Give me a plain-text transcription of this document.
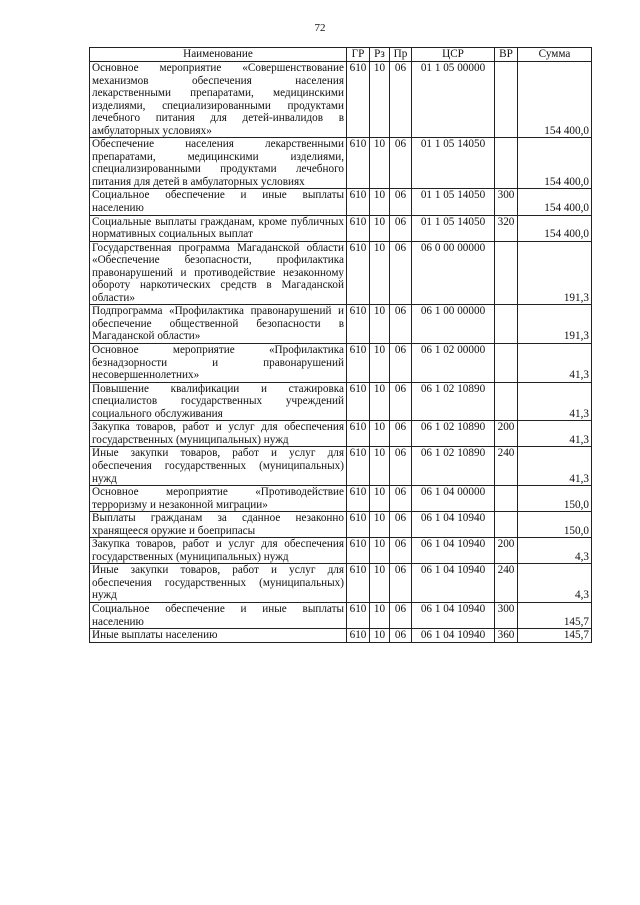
72
Наименование	ГР	Рз	Пр	ЦСР	ВР	Сумма
Основное мероприятие «Совершенствование механизмов обеспечения населения лекарственными препаратами, медицинскими изделиями, специализированными продуктами лечебного питания для детей-инвалидов в амбулаторных условиях»	610	10	06	01 1 05 00000		154 400,0
Обеспечение населения лекарственными препаратами, медицинскими изделиями, специализированными продуктами лечебного питания для детей в амбулаторных условиях	610	10	06	01 1 05 14050		154 400,0
Социальное обеспечение и иные выплаты населению	610	10	06	01 1 05 14050	300	154 400,0
Социальные выплаты гражданам, кроме публичных нормативных социальных выплат	610	10	06	01 1 05 14050	320	154 400,0
Государственная программа Магаданской области «Обеспечение безопасности, профилактика правонарушений и противодействие незаконному обороту наркотических средств в Магаданской области»	610	10	06	06 0 00 00000		191,3
Подпрограмма «Профилактика правонарушений и обеспечение общественной безопасности в Магаданской области»	610	10	06	06 1 00 00000		191,3
Основное мероприятие «Профилактика безнадзорности и правонарушений несовершеннолетних»	610	10	06	06 1 02 00000		41,3
Повышение квалификации и стажировка специалистов государственных учреждений социального обслуживания	610	10	06	06 1 02 10890		41,3
Закупка товаров, работ и услуг для обеспечения государственных (муниципальных) нужд	610	10	06	06 1 02 10890	200	41,3
Иные закупки товаров, работ и услуг для обеспечения государственных (муниципальных) нужд	610	10	06	06 1 02 10890	240	41,3
Основное мероприятие «Противодействие терроризму и незаконной миграции»	610	10	06	06 1 04 00000		150,0
Выплаты гражданам за сданное незаконно хранящееся оружие и боеприпасы	610	10	06	06 1 04 10940		150,0
Закупка товаров, работ и услуг для обеспечения государственных (муниципальных) нужд	610	10	06	06 1 04 10940	200	4,3
Иные закупки товаров, работ и услуг для обеспечения государственных (муниципальных) нужд	610	10	06	06 1 04 10940	240	4,3
Социальное обеспечение и иные выплаты населению	610	10	06	06 1 04 10940	300	145,7
Иные выплаты населению	610	10	06	06 1 04 10940	360	145,7
